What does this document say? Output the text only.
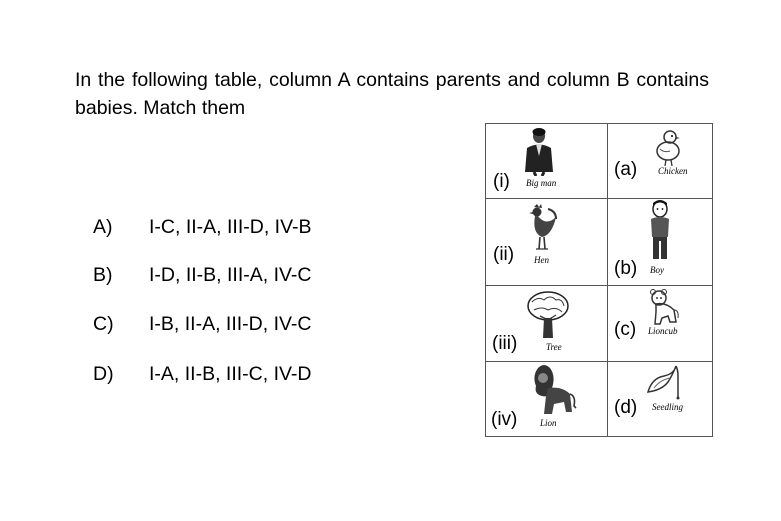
In the following table, column A contains parents and column B contains babies. Match them
A)	I-C, II-A, III-D, IV-B
B)	I-D, II-B, III-A, IV-C
C)	I-B, II-A, III-D, IV-C
D)	I-A, II-B, III-C, IV-D
(i) Big man	(a) Chicken

(ii) Hen	(b) Boy

(iii) Tree	(c) Lioncub

(iv) Lion	(d) Seedling
